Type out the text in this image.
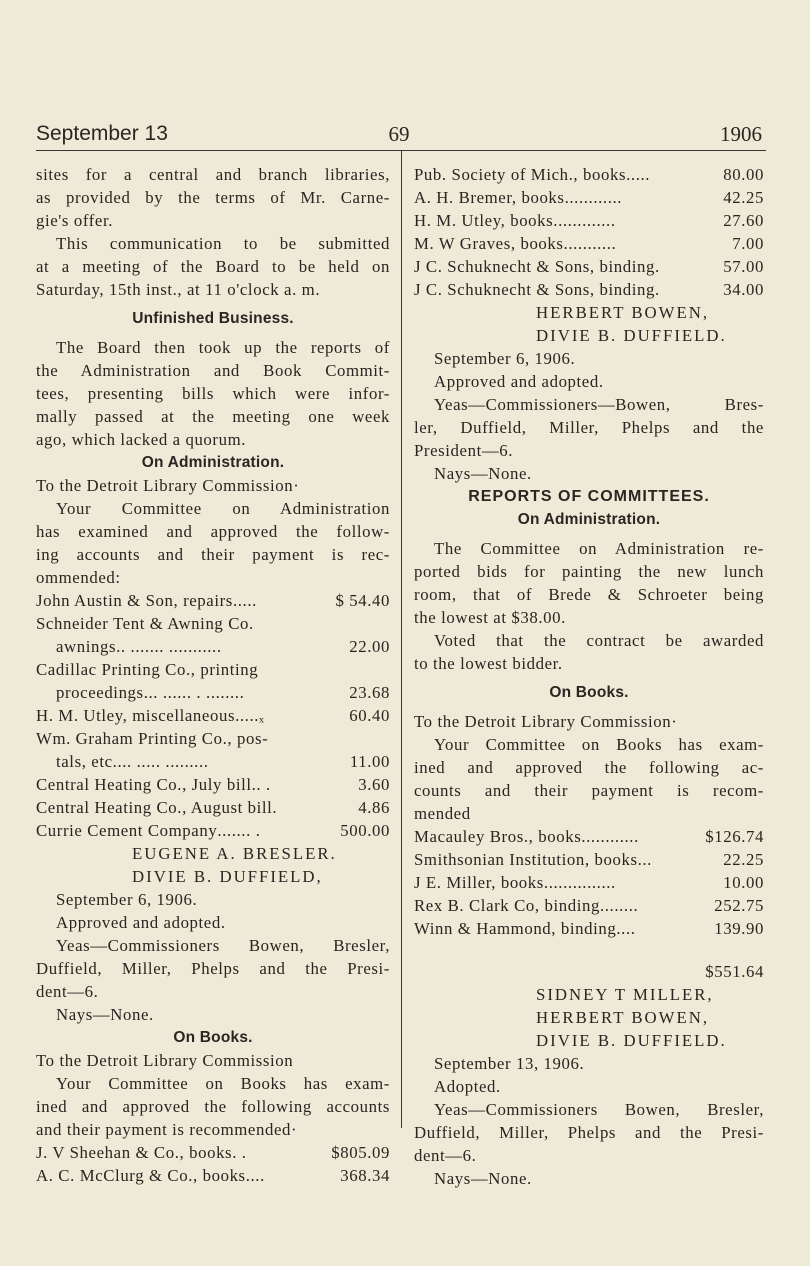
September 13	69	1906
sites for a central and branch libraries,
as provided by the terms of Mr. Carne-
gie's offer.
This communication to be submitted
at a meeting of the Board to be held on
Saturday, 15th inst., at 11 o'clock a. m.
Unfinished Business.
The Board then took up the reports of
the Administration and Book Commit-
tees, presenting bills which were infor-
mally passed at the meeting one week
ago, which lacked a quorum.
On Administration.
To the Detroit Library Commission·
Your Committee on Administration
has examined and approved the follow-
ing accounts and their payment is rec-
ommended:
John Austin & Son, repairs .....	$ 54.40
Schneider Tent & Awning Co.
awnings .. ....... ...........	22.00
Cadillac Printing Co., printing
proceedings ... ...... . ........	23.68
H. M. Utley, miscellaneous .....ₓ	60.40
Wm. Graham Printing Co., pos-
tals, etc. ... ..... .........	11.00
Central Heating Co., July bill. . .	3.60
Central Heating Co., August bill.	4.86
Currie Cement Company ....... .	500.00
EUGENE A. BRESLER.
DIVIE B. DUFFIELD,
September 6, 1906.
Approved and adopted.
Yeas—Commissioners Bowen, Bresler,
Duffield, Miller, Phelps and the Presi-
dent—6.
Nays—None.
On Books.
To the Detroit Library Commission
Your Committee on Books has exam-
ined and approved the following accounts
and their payment is recommended·
J. V Sheehan & Co., books . .	$805.09
A. C. McClurg & Co., books ....	368.34
Pub. Society of Mich., books .....	80.00
A. H. Bremer, books ............	42.25
H. M. Utley, books. ............	27.60
M. W Graves, books.. .........	7.00
J C. Schuknecht & Sons, binding.	57.00
J C. Schuknecht & Sons, binding.	34.00
HERBERT BOWEN,
DIVIE B. DUFFIELD.
September 6, 1906.
Approved and adopted.
Yeas—Commissioners—Bowen, Bres-
ler, Duffield, Miller, Phelps and the
President—6.
Nays—None.
REPORTS OF COMMITTEES.
On Administration.
The Committee on Administration re-
ported bids for painting the new lunch
room, that of Brede & Schroeter being
the lowest at $38.00.
Voted that the contract be awarded
to the lowest bidder.
On Books.
To the Detroit Library Commission·
Your Committee on Books has exam-
ined and approved the following ac-
counts and their payment is recom-
mended
Macauley Bros., books ............	$126.74
Smithsonian Institution, books ...	22.25
J E. Miller, books.. .............	10.00
Rex B. Clark Co, binding ........	252.75
Winn & Hammond, binding ....	139.90
$551.64
SIDNEY T MILLER,
HERBERT BOWEN,
DIVIE B. DUFFIELD.
September 13, 1906.
Adopted.
Yeas—Commissioners Bowen, Bresler,
Duffield, Miller, Phelps and the Presi-
dent—6.
Nays—None.
